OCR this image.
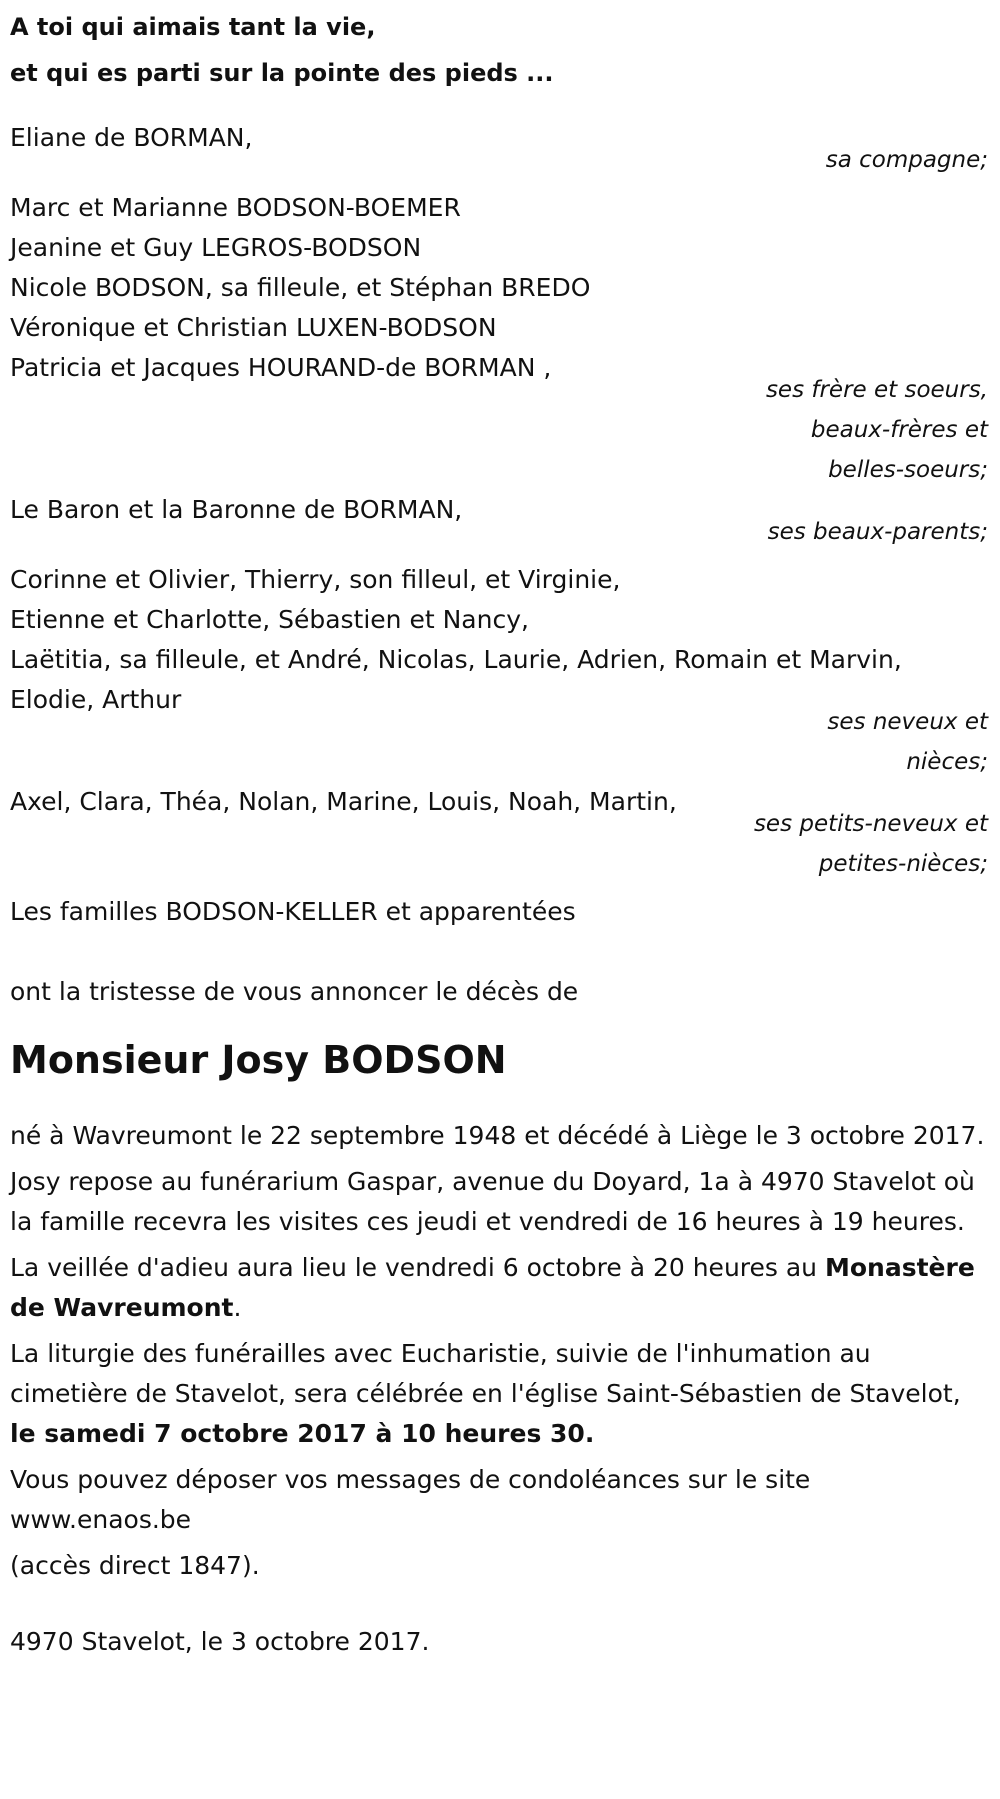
A toi qui aimais tant la vie,
et qui es parti sur la pointe des pieds ...
Eliane de BORMAN,
sa compagne;
Marc et Marianne BODSON-BOEMER
Jeanine et Guy LEGROS-BODSON
Nicole BODSON, sa filleule, et Stéphan BREDO
Véronique et Christian LUXEN-BODSON
Patricia et Jacques HOURAND-de BORMAN ,
ses frère et soeurs,
beaux-frères et
belles-soeurs;
Le Baron et la Baronne de BORMAN,
ses beaux-parents;
Corinne et Olivier, Thierry, son filleul, et Virginie,
Etienne et Charlotte, Sébastien et Nancy,
Laëtitia, sa filleule, et André, Nicolas, Laurie, Adrien, Romain et Marvin,
Elodie, Arthur
ses neveux et
nièces;
Axel, Clara, Théa, Nolan, Marine, Louis, Noah, Martin,
ses petits-neveux et
petites-nièces;
Les familles BODSON-KELLER et apparentées
ont la tristesse de vous annoncer le décès de
Monsieur Josy BODSON
né à Wavreumont le 22 septembre 1948 et décédé à Liège le 3 octobre 2017.
Josy repose au funérarium Gaspar, avenue du Doyard, 1a à 4970 Stavelot où la famille recevra les visites ces jeudi et vendredi de 16 heures à 19 heures.
La veillée d'adieu aura lieu le vendredi 6 octobre à 20 heures au Monastère de Wavreumont.
La liturgie des funérailles avec Eucharistie, suivie de l'inhumation au cimetière de Stavelot, sera célébrée en l'église Saint-Sébastien de Stavelot, le samedi 7 octobre 2017 à 10 heures 30.
Vous pouvez déposer vos messages de condoléances sur le site www.enaos.be
(accès direct 1847).
4970 Stavelot, le 3 octobre 2017.
